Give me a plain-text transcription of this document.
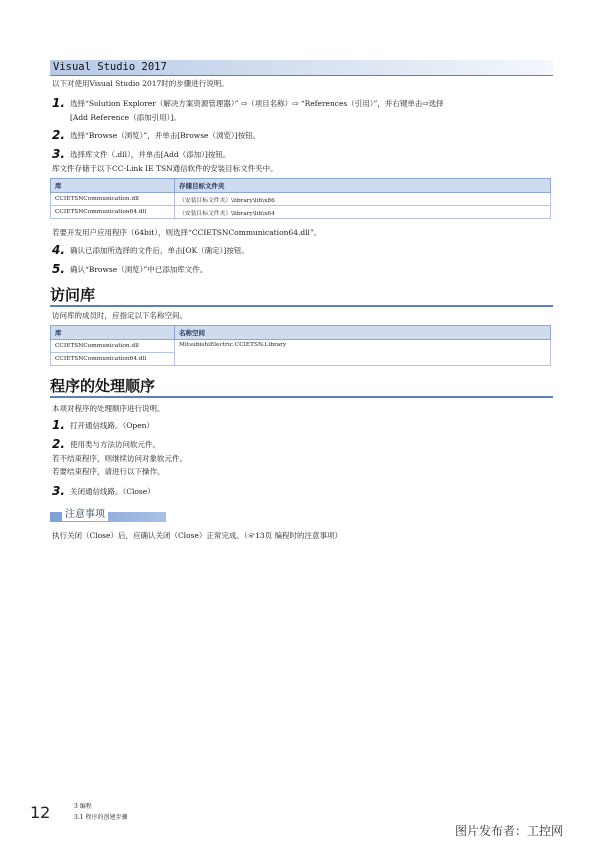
Visual Studio 2017
以下对使用Visual Studio 2017时的步骤进行说明。
1. 选择“Solution Explorer（解决方案资源管理器）” ⇨（项目名称）⇨ “References（引用）”，并右键单击⇨选择
[Add Reference（添加引用）]。
2. 选择“Browse（浏览）”，并单击[Browse（浏览）]按钮。
3. 选择库文件（.dll），并单击[Add（添加）]按钮。
库文件存储于以下CC-Link IE TSN通信软件的安装目标文件夹中。
库	存储目标文件夹
CCIETSNCommunication.dll	（安装目标文件夹）\library\lib\x86
CCIETSNCommunication64.dll	（安装目标文件夹）\library\lib\x64
若要开发用户应用程序（64bit），则选择“CCIETSNCommunication64.dll”。
4. 确认已添加所选择的文件后，单击[OK（确定）]按钮。
5. 确认“Browse（浏览）”中已添加库文件。
访问库
访问库的成员时，应指定以下名称空间。
库	名称空间
CCIETSNCommunication.dll	MitsubishiElectric.CCIETSN.Library
CCIETSNCommunication64.dll	
程序的处理顺序
本项对程序的处理顺序进行说明。
1. 打开通信线路。（Open）
2. 使用类与方法访问软元件。
若不结束程序，则继续访问对象软元件。
若要结束程序，请进行以下操作。
3. 关闭通信线路。（Close）
注意事项
执行关闭（Close）后，应确认关闭（Close）正常完成。（☞13页 编程时的注意事项）
12	3 编程
3.1 程序的创建步骤
图片发布者：工控网
